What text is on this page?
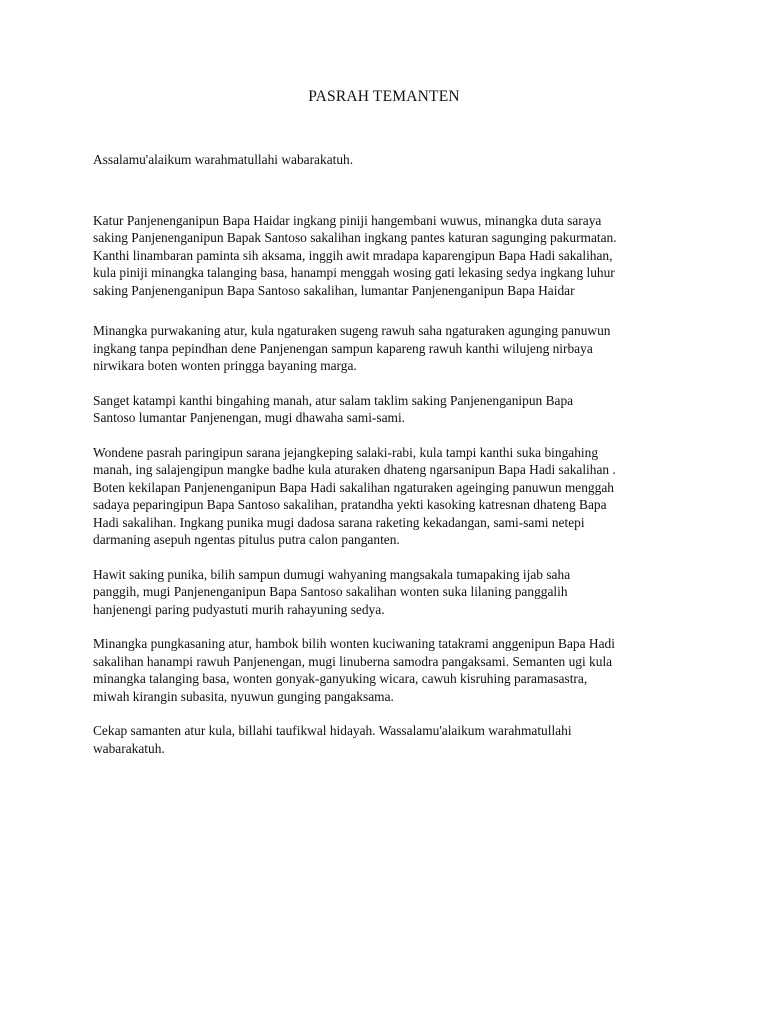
PASRAH TEMANTEN

Assalamu'alaikum warahmatullahi wabarakatuh.

Katur Panjenenganipun Bapa Haidar ingkang piniji hangembani wuwus, minangka duta saraya
saking Panjenenganipun Bapak Santoso sakalihan ingkang pantes katuran sagunging pakurmatan.
Kanthi linambaran paminta sih aksama, inggih awit mradapa kaparengipun Bapa Hadi sakalihan,
kula piniji minangka talanging basa, hanampi menggah wosing gati lekasing sedya ingkang luhur
saking Panjenenganipun Bapa Santoso sakalihan, lumantar Panjenenganipun Bapa Haidar

Minangka purwakaning atur, kula ngaturaken sugeng rawuh saha ngaturaken agunging panuwun
ingkang tanpa pepindhan dene Panjenengan sampun kapareng rawuh kanthi wilujeng nirbaya
nirwikara boten wonten pringga bayaning marga.

Sanget katampi kanthi bingahing manah, atur salam taklim saking Panjenenganipun Bapa
Santoso lumantar Panjenengan, mugi dhawaha sami-sami.

Wondene pasrah paringipun sarana jejangkeping salaki-rabi, kula tampi kanthi suka bingahing
manah, ing salajengipun mangke badhe kula aturaken dhateng ngarsanipun Bapa Hadi sakalihan .
Boten kekilapan Panjenenganipun Bapa Hadi sakalihan ngaturaken ageinging panuwun menggah
sadaya peparingipun Bapa Santoso sakalihan, pratandha yekti kasoking katresnan dhateng Bapa
Hadi sakalihan. Ingkang punika mugi dadosa sarana raketing kekadangan, sami-sami netepi
darmaning asepuh ngentas pitulus putra calon panganten.

Hawit saking punika, bilih sampun dumugi wahyaning mangsakala tumapaking ijab saha
panggih, mugi Panjenenganipun Bapa Santoso sakalihan wonten suka lilaning panggalih
hanjenengi paring pudyastuti murih rahayuning sedya.

Minangka pungkasaning atur, hambok bilih wonten kuciwaning tatakrami anggenipun Bapa Hadi
sakalihan hanampi rawuh Panjenengan, mugi linuberna samodra pangaksami. Semanten ugi kula
minangka talanging basa, wonten gonyak-ganyuking wicara, cawuh kisruhing paramasastra,
miwah kirangin subasita, nyuwun gunging pangaksama.

Cekap samanten atur kula, billahi taufikwal hidayah. Wassalamu'alaikum warahmatullahi
wabarakatuh.
